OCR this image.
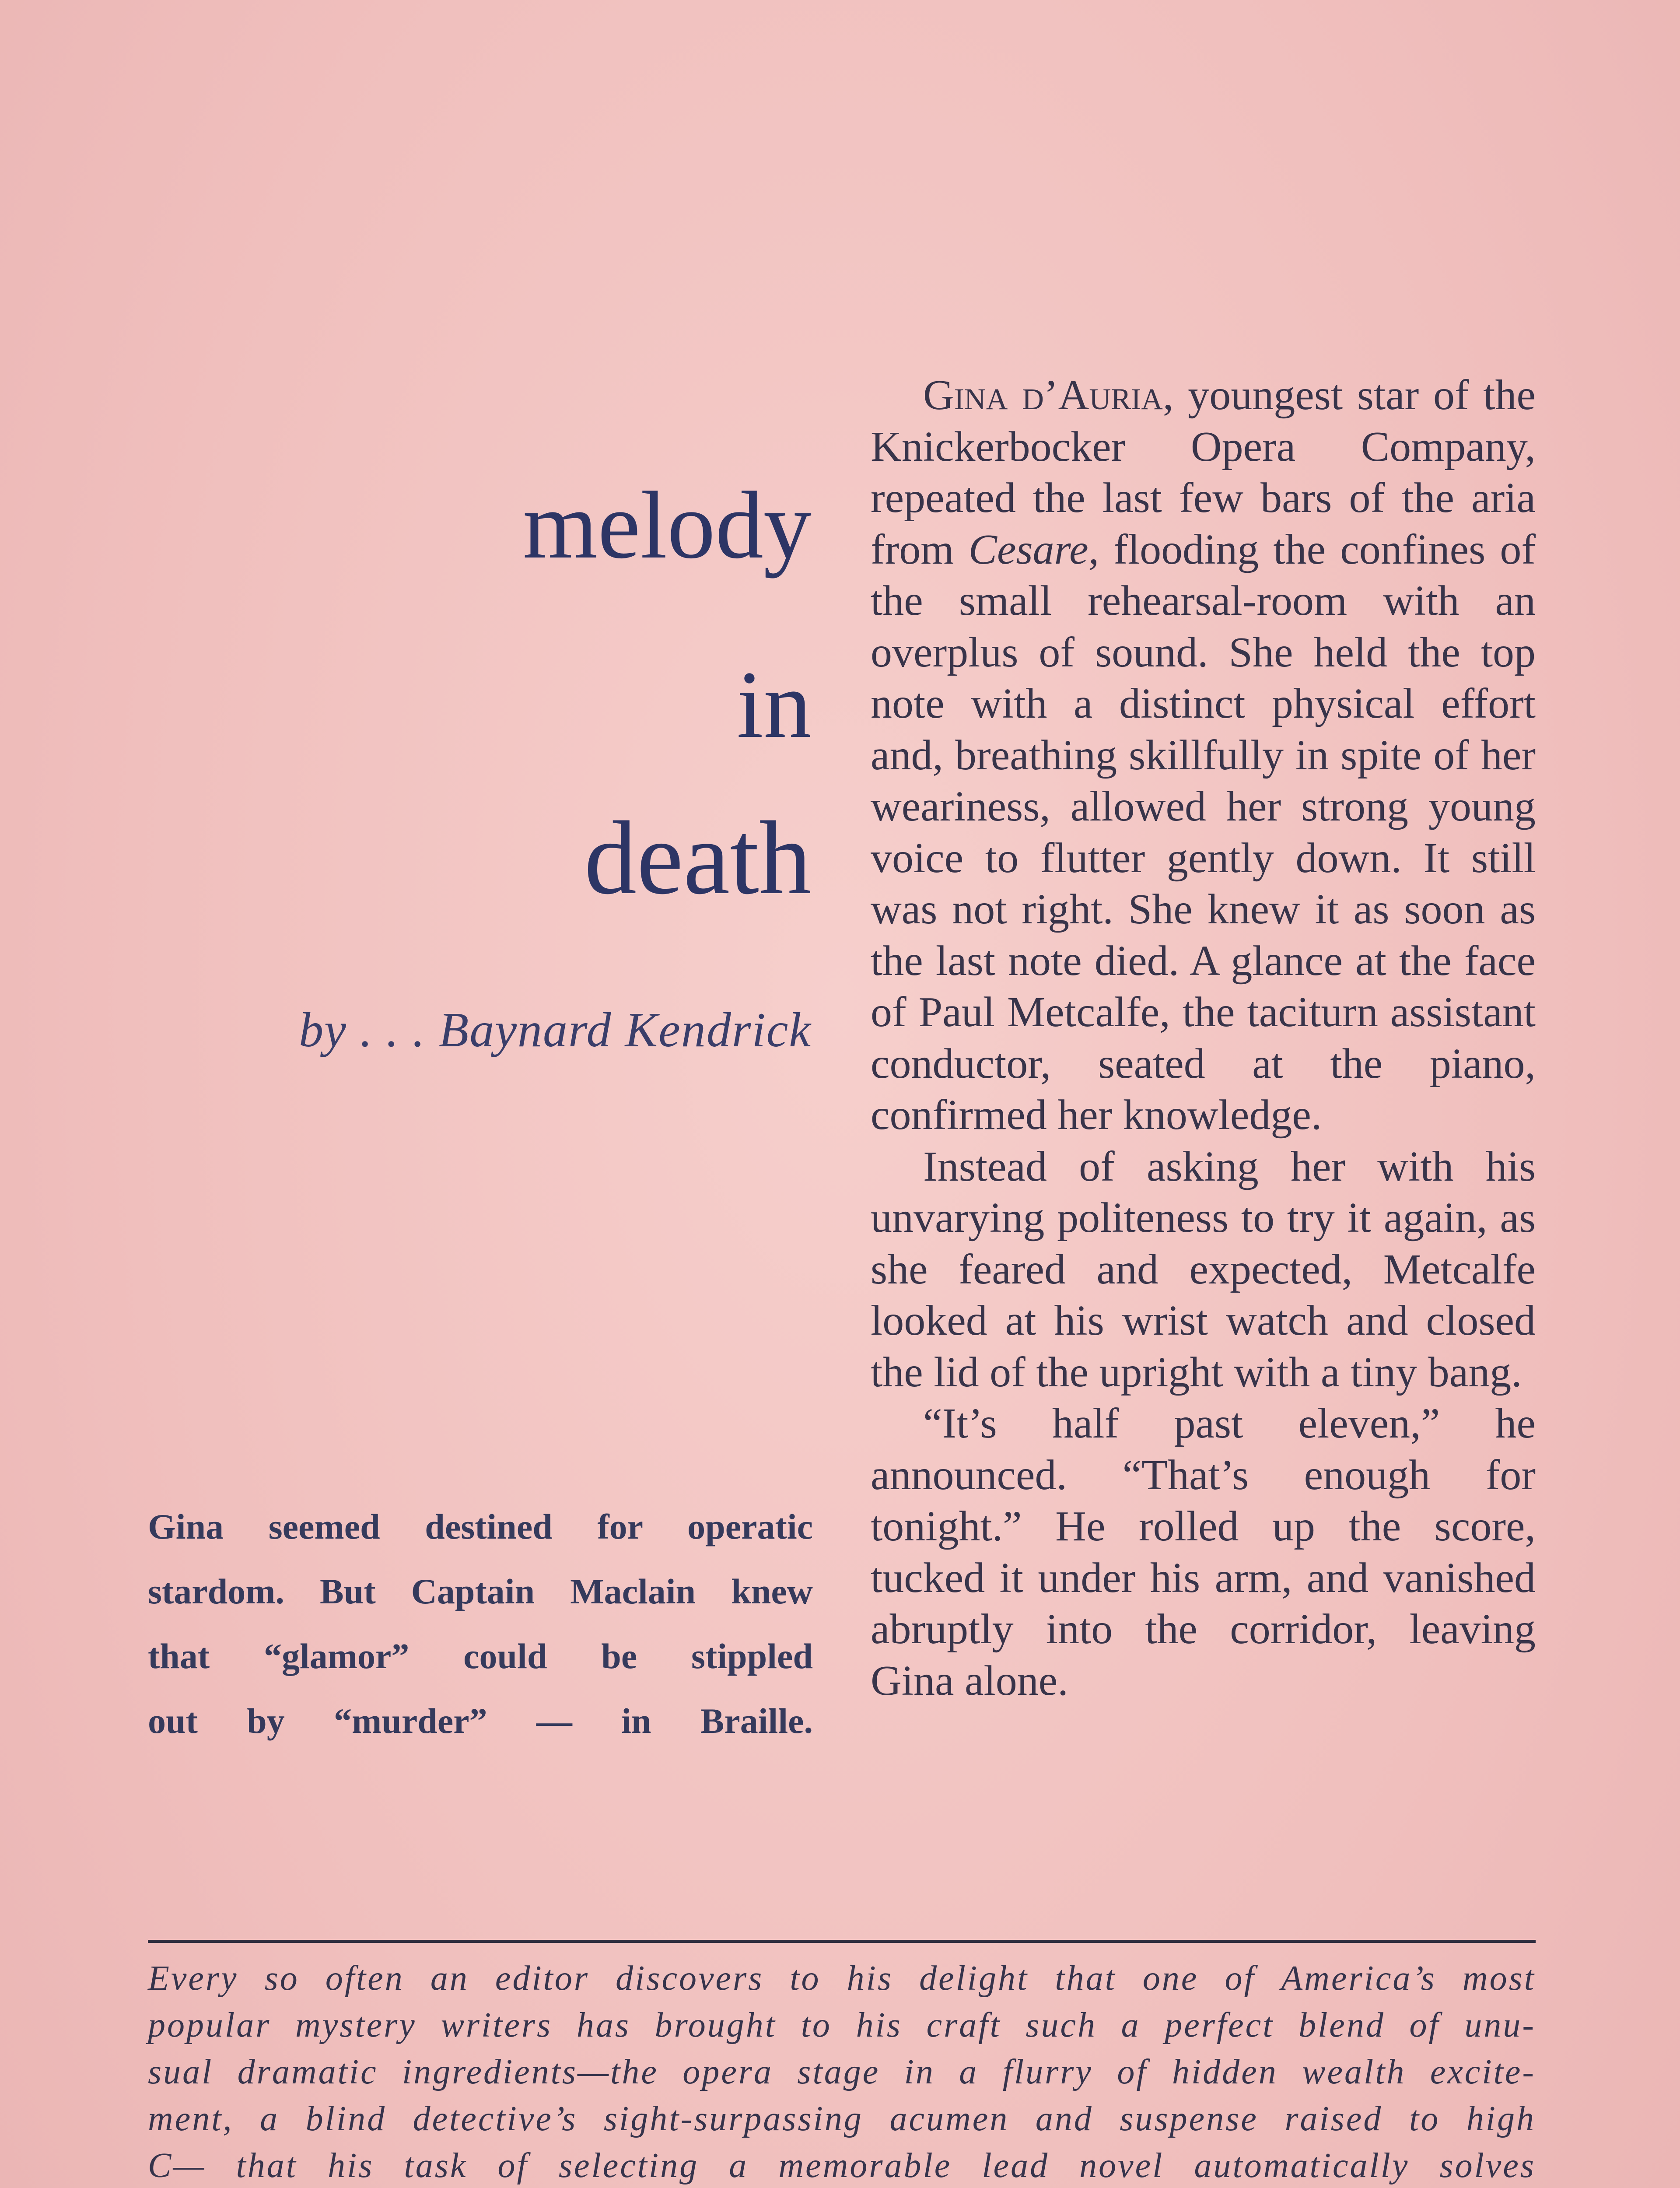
melody
in
death
by . . . Baynard Kendrick
Gina seemed destined for operatic
stardom. But Captain Maclain knew
that “glamor” could be stippled
out by “murder” — in Braille.

Gina d’Auria, youngest star of the Knickerbocker Opera Company, repeated the last few bars of the aria from Cesare, flooding the confines of the small rehearsal-room with an overplus of sound. She held the top note with a distinct physical effort and, breathing skillfully in spite of her weariness, allowed her strong young voice to flutter gently down. It still was not right. She knew it as soon as the last note died. A glance at the face of Paul Metcalfe, the taciturn assistant conductor, seated at the piano, confirmed her knowledge.

Instead of asking her with his unvarying politeness to try it again, as she feared and expected, Metcalfe looked at his wrist watch and closed the lid of the upright with a tiny bang.

“It’s half past eleven,” he announced. “That’s enough for tonight.” He rolled up the score, tucked it under his arm, and vanished abruptly into the corridor, leaving Gina alone.

Every so often an editor discovers to his delight that one of America’s most
popular mystery writers has brought to his craft such a perfect blend of unu-
sual dramatic ingredients—the opera stage in a flurry of hidden wealth excite-
ment, a blind detective’s sight-surpassing acumen and suspense raised to high
C— that his task of selecting a memorable lead novel automatically solves
